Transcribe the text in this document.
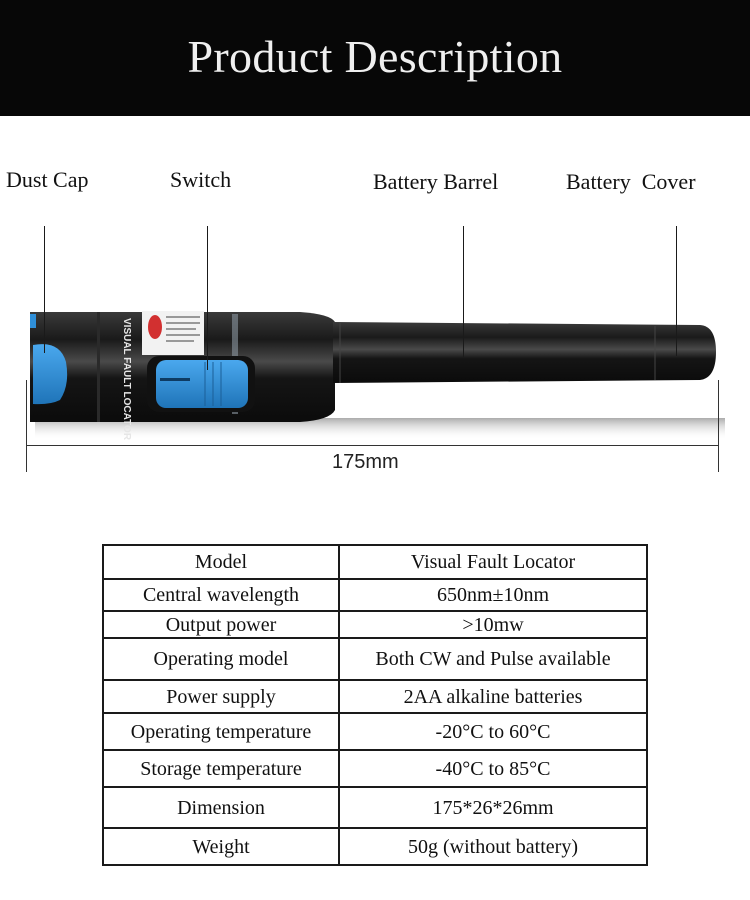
Product Description
Dust Cap	Switch	Battery Barrel	Battery  Cover
VISUAL FAULT LOCATOR
175mm
Model	Visual Fault Locator
Central wavelength	650nm±10nm
Output power	>10mw
Operating model	Both CW and Pulse available
Power supply	2AA alkaline batteries
Operating temperature	-20°C to 60°C
Storage temperature	-40°C to 85°C
Dimension	175*26*26mm
Weight	50g (without battery)
